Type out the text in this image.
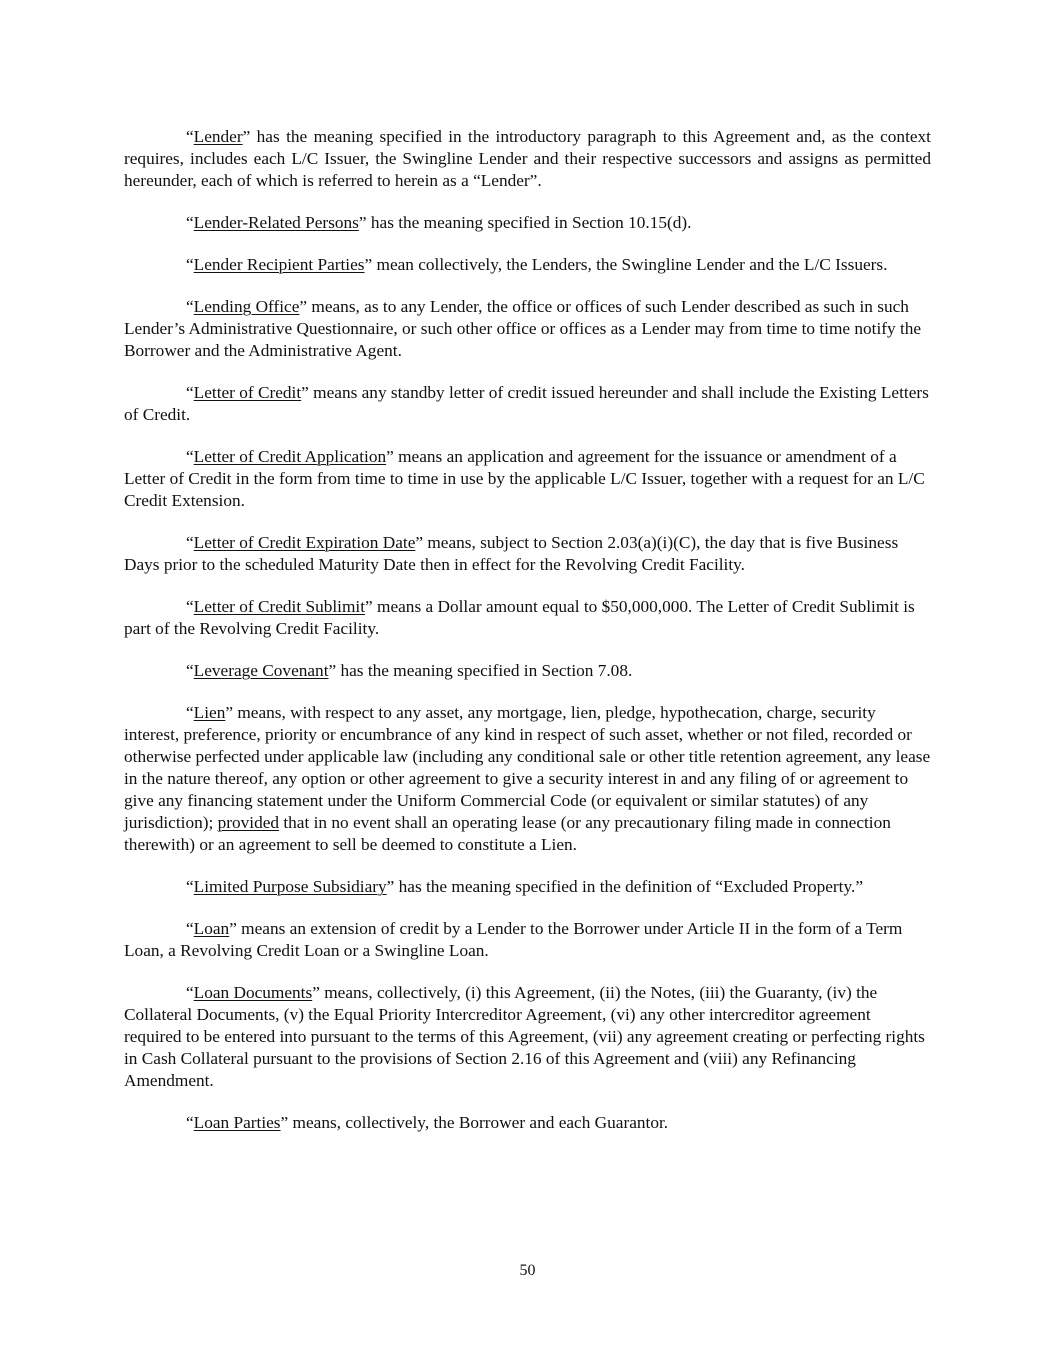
“Lender” has the meaning specified in the introductory paragraph to this Agreement and, as the context requires, includes each L/C Issuer, the Swingline Lender and their respective successors and assigns as permitted hereunder, each of which is referred to herein as a “Lender”.

“Lender-Related Persons” has the meaning specified in Section 10.15(d).

“Lender Recipient Parties” mean collectively, the Lenders, the Swingline Lender and the L/C Issuers.

“Lending Office” means, as to any Lender, the office or offices of such Lender described as such in such Lender’s Administrative Questionnaire, or such other office or offices as a Lender may from time to time notify the Borrower and the Administrative Agent.

“Letter of Credit” means any standby letter of credit issued hereunder and shall include the Existing Letters of Credit.

“Letter of Credit Application” means an application and agreement for the issuance or amendment of a Letter of Credit in the form from time to time in use by the applicable L/C Issuer, together with a request for an L/C Credit Extension.

“Letter of Credit Expiration Date” means, subject to Section 2.03(a)(i)(C), the day that is five Business Days prior to the scheduled Maturity Date then in effect for the Revolving Credit Facility.

“Letter of Credit Sublimit” means a Dollar amount equal to $50,000,000. The Letter of Credit Sublimit is part of the Revolving Credit Facility.

“Leverage Covenant” has the meaning specified in Section 7.08.

“Lien” means, with respect to any asset, any mortgage, lien, pledge, hypothecation, charge, security interest, preference, priority or encumbrance of any kind in respect of such asset, whether or not filed, recorded or otherwise perfected under applicable law (including any conditional sale or other title retention agreement, any lease in the nature thereof, any option or other agreement to give a security interest in and any filing of or agreement to give any financing statement under the Uniform Commercial Code (or equivalent or similar statutes) of any jurisdiction); provided that in no event shall an operating lease (or any precautionary filing made in connection therewith) or an agreement to sell be deemed to constitute a Lien.

“Limited Purpose Subsidiary” has the meaning specified in the definition of “Excluded Property.”

“Loan” means an extension of credit by a Lender to the Borrower under Article II in the form of a Term Loan, a Revolving Credit Loan or a Swingline Loan.

“Loan Documents” means, collectively, (i) this Agreement, (ii) the Notes, (iii) the Guaranty, (iv) the Collateral Documents, (v) the Equal Priority Intercreditor Agreement, (vi) any other intercreditor agreement required to be entered into pursuant to the terms of this Agreement, (vii) any agreement creating or perfecting rights in Cash Collateral pursuant to the provisions of Section 2.16 of this Agreement and (viii) any Refinancing Amendment.

“Loan Parties” means, collectively, the Borrower and each Guarantor.

50
